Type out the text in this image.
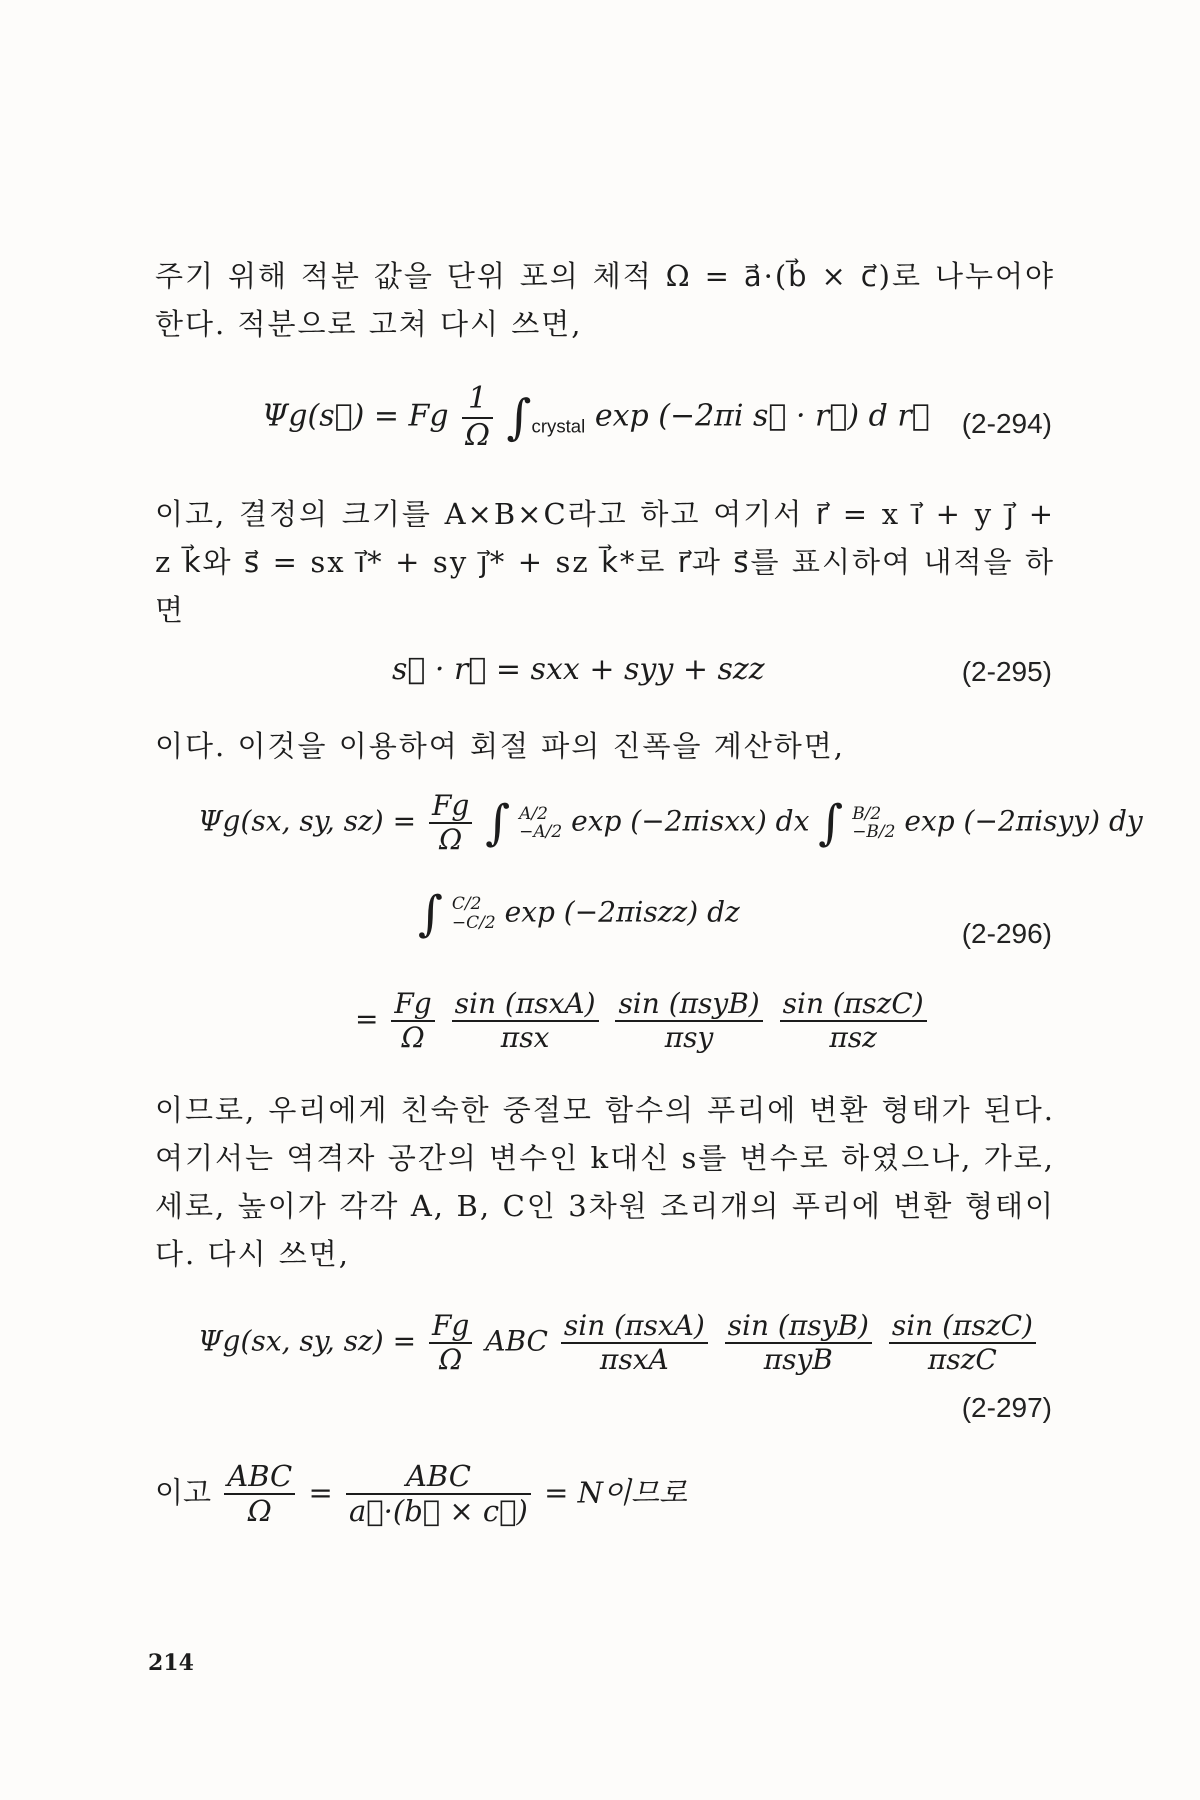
주기 위해 적분 값을 단위 포의 체적 Ω = a⃗·(b⃗ × c⃗)로 나누어야 한다. 적분으로 고쳐 다시 쓰면,

Ψg(s⃗) = Fg $\frac{1}{\Omega} \int_{crystal}$ exp (−2πi s⃗ · r⃗) d r⃗ (2-294)

이고, 결정의 크기를 A×B×C라고 하고 여기서 r⃗ = x i⃗ + y j⃗ + z k⃗와 s⃗ = sx i⃗* + sy j⃗* + sz k⃗*로 r⃗과 s⃗를 표시하여 내적을 하면

s⃗ · r⃗ = sxx + syy + szz	(2-295)

이다. 이것을 이용하여 회절 파의 진폭을 계산하면,

Ψg(sx, sy, $sz) = \frac{Fg}{\Omega}$ ∫ A/2
−A/2 exp (−2πisxx) dx ∫ B/2
−B/2 exp (−2πisyy) dy
∫ C/2
−C/2 exp (−2πiszz) dz
(2-296)
= $\frac{Fg}{\Omega}$
$\frac{\text{sin (πsxA)}}{\text{πsx}}$
$\frac{\text{sin (πsyB)}}{\text{πsy}}$
$\frac{\text{sin (πszC)}}{\text{πsz}}$

이므로, 우리에게 친숙한 중절모 함수의 푸리에 변환 형태가 된다. 여기서는 역격자 공간의 변수인 k대신 s를 변수로 하였으나, 가로, 세로, 높이가 각각 A, B, C인 3차원 조리개의 푸리에 변환 형태이다. 다시 쓰면,

Ψg(sx, sy, $sz) = \frac{Fg}{\Omega}$ ABC $\frac{\text{sin (πsxA)}}{\text{πsxA}}$
$\frac{\text{sin (πsyB)}}{\text{πsyB}}$
$\frac{\text{sin (πszC)}}{\text{πszC}}$
(2-297)
이고 $\frac{\text{ABC}}{\Omega} = \frac{\text{ABC}}{a⃗\cdot(b⃗ \times c⃗)} = N$이므로
214
